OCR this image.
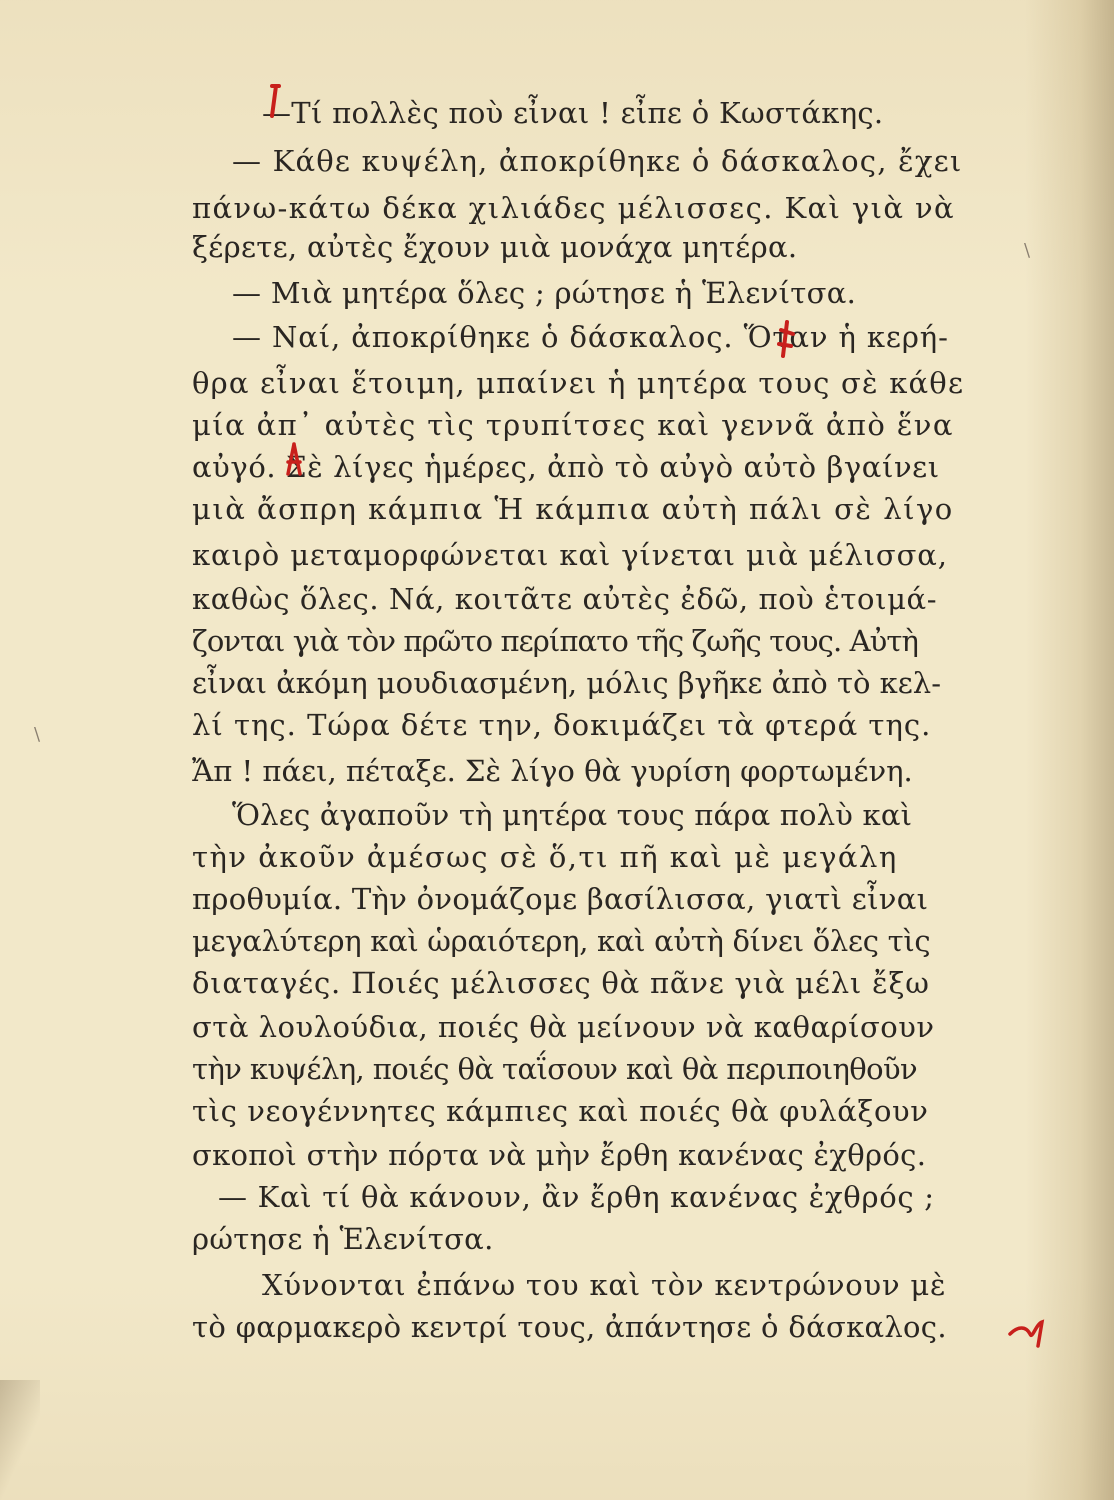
—Τί πολλὲς ποὺ εἶναι ! εἶπε ὁ Κωστάκης.
— Κάθε κυψέλη, ἀποκρίθηκε ὁ δάσκαλος, ἔχει
πάνω-κάτω δέκα χιλιάδες μέλισσες. Καὶ γιὰ νὰ
ξέρετε, αὐτὲς ἔχουν μιὰ μονάχα μητέρα.
— Μιὰ μητέρα ὅλες ; ρώτησε ἡ Ἑλενίτσα.
— Ναί, ἀποκρίθηκε ὁ δάσκαλος. Ὅταν ἡ κερή-
θρα εἶναι ἕτοιμη, μπαίνει ἡ μητέρα τους σὲ κάθε
μία ἀπ᾽ αὐτὲς τὶς τρυπίτσες καὶ γεννᾶ ἀπὸ ἕνα
αὐγό. Σὲ λίγες ἡμέρες, ἀπὸ τὸ αὐγὸ αὐτὸ βγαίνει
μιὰ ἄσπρη κάμπια Ἡ κάμπια αὐτὴ πάλι σὲ λίγο
καιρὸ μεταμορφώνεται καὶ γίνεται μιὰ μέλισσα,
καθὼς ὅλες. Νά, κοιτᾶτε αὐτὲς ἐδῶ, ποὺ ἑτοιμά-
ζονται γιὰ τὸν πρῶτο περίπατο τῆς ζωῆς τους. Αὐτὴ
εἶναι ἀκόμη μουδιασμένη, μόλις βγῆκε ἀπὸ τὸ κελ-
λί της. Τώρα δέτε την, δοκιμάζει τὰ φτερά της.
Ἄπ ! πάει, πέταξε. Σὲ λίγο θὰ γυρίση φορτωμένη.
Ὅλες ἀγαποῦν τὴ μητέρα τους πάρα πολὺ καὶ
τὴν ἀκοῦν ἀμέσως σὲ ὅ,τι πῆ καὶ μὲ μεγάλη
προθυμία. Τὴν ὀνομάζομε βασίλισσα, γιατὶ εἶναι
μεγαλύτερη καὶ ὡραιότερη, καὶ αὐτὴ δίνει ὅλες τὶς
διαταγές. Ποιές μέλισσες θὰ πᾶνε γιὰ μέλι ἔξω
στὰ λουλούδια, ποιές θὰ μείνουν νὰ καθαρίσουν
τὴν κυψέλη, ποιές θὰ ταΐσουν καὶ θὰ περιποιηθοῦν
τὶς νεογέννητες κάμπιες καὶ ποιές θὰ φυλάξουν
σκοποὶ στὴν πόρτα νὰ μὴν ἔρθη κανένας ἐχθρός.
— Καὶ τί θὰ κάνουν, ἂν ἔρθη κανένας ἐχθρός ;
ρώτησε ἡ Ἑλενίτσα.
Χύνονται ἐπάνω του καὶ τὸν κεντρώνουν μὲ
τὸ φαρμακερὸ κεντρί τους, ἀπάντησε ὁ δάσκαλος.
\
\
